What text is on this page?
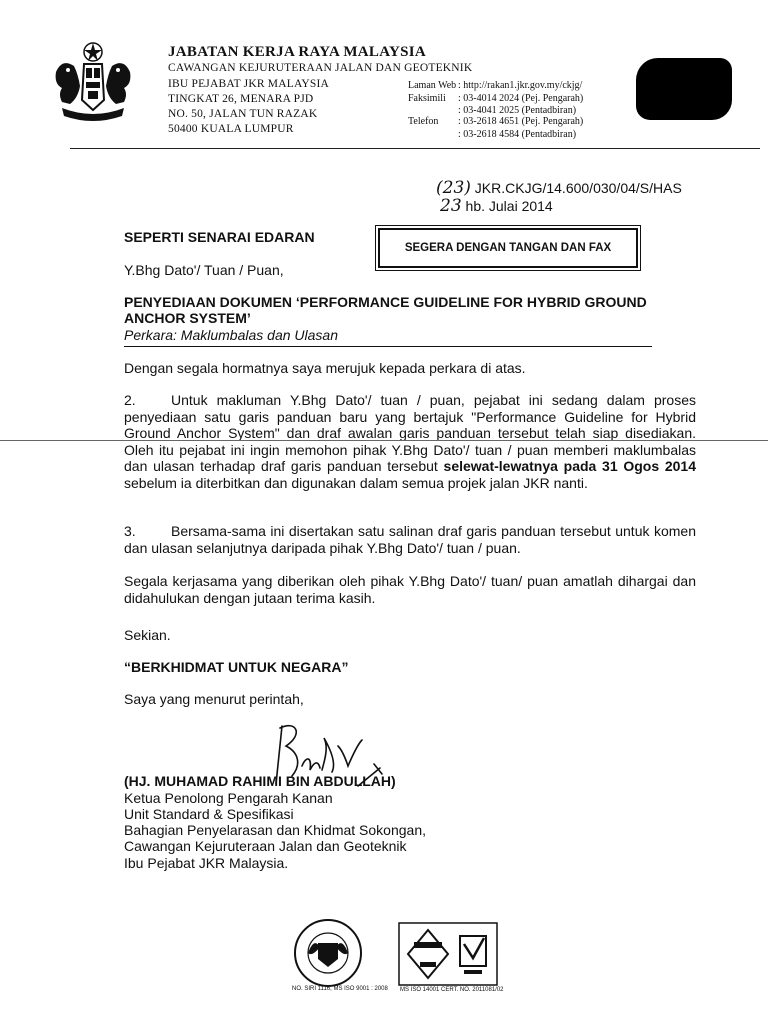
JABATAN KERJA RAYA MALAYSIA
CAWANGAN KEJURUTERAAN JALAN DAN GEOTEKNIK
IBU PEJABAT JKR MALAYSIA
TINGKAT 26, MENARA PJD
NO. 50, JALAN TUN RAZAK
50400 KUALA LUMPUR
Laman Web : http://rakan1.jkr.gov.my/ckjg/
Faksimili : 03-4014 2024 (Pej. Pengarah)
: 03-4041 2025 (Pentadbiran)
Telefon : 03-2618 4651 (Pej. Pengarah)
: 03-2618 4584 (Pentadbiran)
(23) JKR.CKJG/14.600/030/04/S/HAS
23 hb. Julai 2014
SEPERTI SENARAI EDARAN
SEGERA DENGAN TANGAN DAN FAX
Y.Bhg Dato'/ Tuan / Puan,
PENYEDIAAN DOKUMEN ‘PERFORMANCE GUIDELINE FOR HYBRID GROUND
ANCHOR SYSTEM’
Perkara: Maklumbalas dan Ulasan
Dengan segala hormatnya saya merujuk kepada perkara di atas.

2.	Untuk makluman Y.Bhg Dato'/ tuan / puan, pejabat ini sedang dalam proses penyediaan satu garis panduan baru yang bertajuk "Performance Guideline for Hybrid Ground Anchor System" dan draf awalan garis panduan tersebut telah siap disediakan. Oleh itu pejabat ini ingin memohon pihak Y.Bhg Dato'/ tuan / puan memberi maklumbalas dan ulasan terhadap draf garis panduan tersebut selewat-lewatnya pada 31 Ogos 2014 sebelum ia diterbitkan dan digunakan dalam semua projek jalan JKR nanti.

3.	Bersama-sama ini disertakan satu salinan draf garis panduan tersebut untuk komen dan ulasan selanjutnya daripada pihak Y.Bhg Dato'/ tuan / puan.

Segala kerjasama yang diberikan oleh pihak Y.Bhg Dato'/ tuan/ puan amatlah dihargai dan didahulukan dengan jutaan terima kasih.

Sekian.
“BERKHIDMAT UNTUK NEGARA”
Saya yang menurut perintah,
(HJ. MUHAMAD RAHIMI BIN ABDULLAH)
Ketua Penolong Pengarah Kanan
Unit Standard & Spesifikasi
Bahagian Penyelarasan dan Khidmat Sokongan,
Cawangan Kejuruteraan Jalan dan Geoteknik
Ibu Pejabat JKR Malaysia.
NO. SIRI 1116, MS ISO 9001 : 2008 MS ISO 14001 CERT. NO. 2011081/02
